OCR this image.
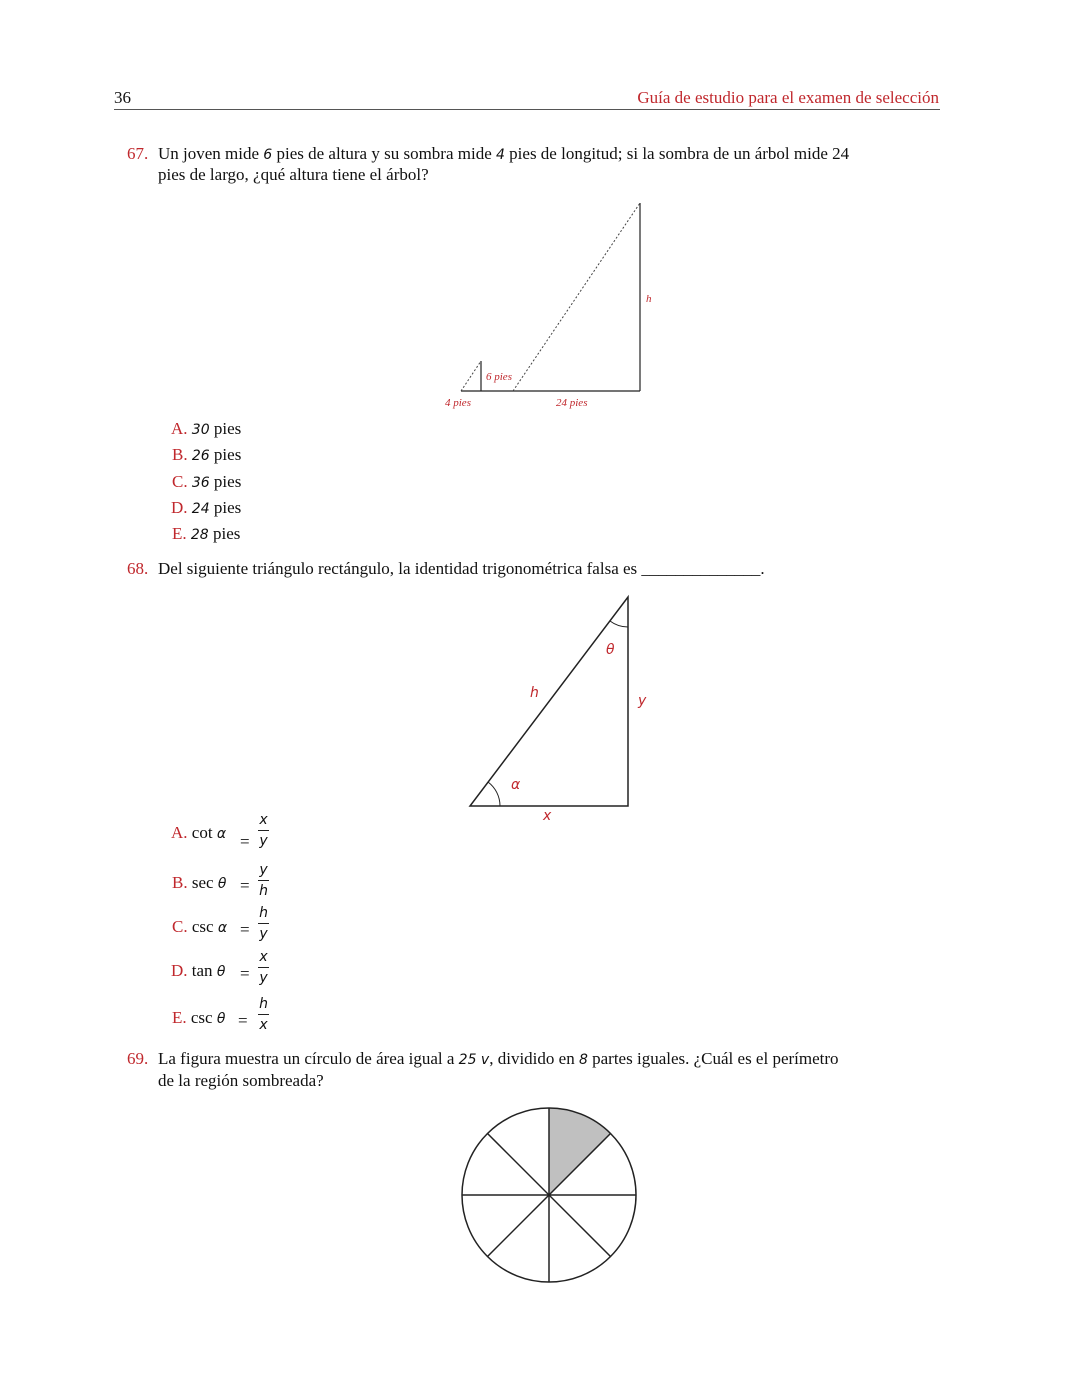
36	Guía de estudio para el examen de selección
67. Un joven mide 6 pies de altura y su sombra mide 4 pies de longitud; si la sombra de un árbol mide 24
pies de largo, ¿qué altura tiene el árbol?
6 pies
h
4 pies	24 pies
θ
h	y
α
x
A. 30 pies
B. 26 pies
C. 36 pies
D. 24 pies
E. 28 pies
68. Del siguiente triángulo rectángulo, la identidad trigonométrica falsa es ______________.
A. cot α =
x
y
B. sec θ =
y
h
C. csc α =
h
y
D. tan θ =
x
y
E. csc θ =
h
x
69. La figura muestra un círculo de área igual a 25 v, dividido en 8 partes iguales. ¿Cuál es el perímetro
de la región sombreada?
